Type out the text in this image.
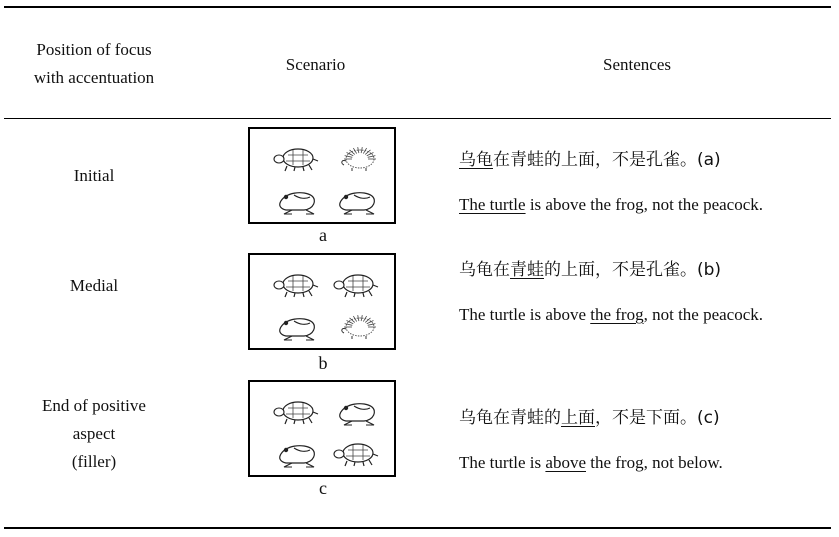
Position of focus
with accentuation
Scenario	Sentences
Initial
a
乌龟在青蛙的上面，不是孔雀。(a)
The turtle is above the frog, not the peacock.
Medial
b
乌龟在青蛙的上面，不是孔雀。(b)
The turtle is above the frog, not the peacock.
End of positive
aspect
(filler)
c
乌龟在青蛙的上面，不是下面。(c)
The turtle is above the frog, not below.
